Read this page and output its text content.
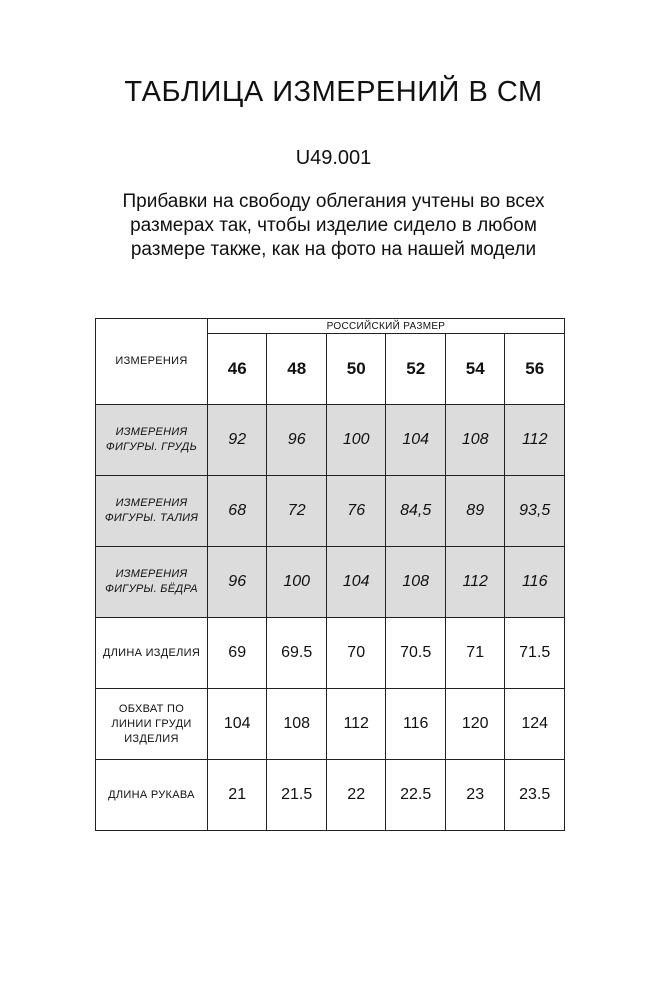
ТАБЛИЦА ИЗМЕРЕНИЙ В СМ
U49.001
Прибавки на свободу облегания учтены во всех
размерах так, чтобы изделие сидело в любом
размере также, как на фото на нашей модели
ИЗМЕРЕНИЯ	РОССИЙСКИЙ РАЗМЕР					
	46	48	50	52	54	56

ИЗМЕРЕНИЯ
ФИГУРЫ. ГРУДЬ	92	96	100	104	108	112

ИЗМЕРЕНИЯ
ФИГУРЫ. ТАЛИЯ	68	72	76	84,5	89	93,5

ИЗМЕРЕНИЯ
ФИГУРЫ. БЁДРА	96	100	104	108	112	116

ДЛИНА ИЗДЕЛИЯ	69	69.5	70	70.5	71	71.5

ОБХВАТ ПО
ЛИНИИ ГРУДИ
ИЗДЕЛИЯ	104	108	112	116	120	124

ДЛИНА РУКАВА	21	21.5	22	22.5	23	23.5
